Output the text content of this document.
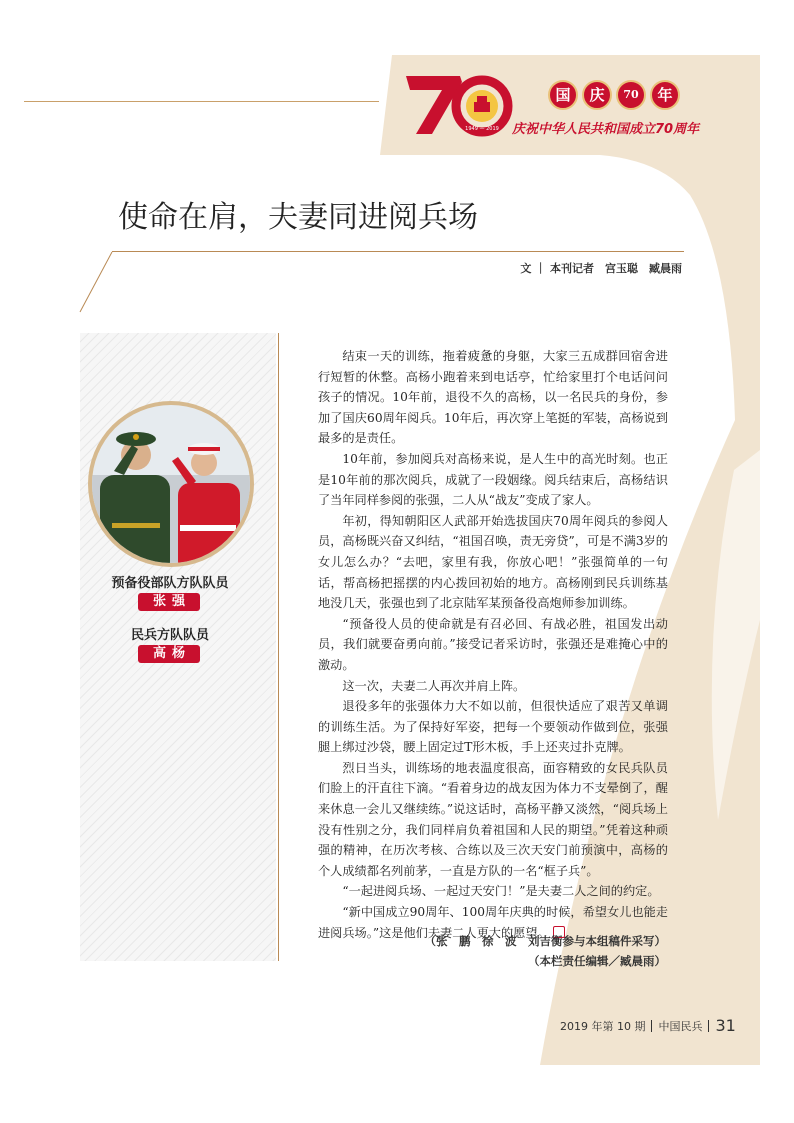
1949 — 2019
国	庆	70	年
庆祝中华人民共和国成立70周年
使命在肩，夫妻同进阅兵场
文 ｜ 本刊记者　宫玉聪　臧晨雨
预备役部队方队队员
张强
民兵方队队员
高杨

结束一天的训练，拖着疲惫的身躯，大家三五成群回宿舍进行短暂的休整。高杨小跑着来到电话亭，忙给家里打个电话问问孩子的情况。10年前，退役不久的高杨，以一名民兵的身份，参加了国庆60周年阅兵。10年后，再次穿上笔挺的军装，高杨说到最多的是责任。

10年前，参加阅兵对高杨来说，是人生中的高光时刻。也正是10年前的那次阅兵，成就了一段姻缘。阅兵结束后，高杨结识了当年同样参阅的张强，二人从“战友”变成了家人。

年初，得知朝阳区人武部开始选拔国庆70周年阅兵的参阅人员，高杨既兴奋又纠结，“祖国召唤，责无旁贷”，可是不满3岁的女儿怎么办？“去吧，家里有我，你放心吧！”张强简单的一句话，帮高杨把摇摆的内心拨回初始的地方。高杨刚到民兵训练基地没几天，张强也到了北京陆军某预备役高炮师参加训练。

“预备役人员的使命就是有召必回、有战必胜，祖国发出动员，我们就要奋勇向前。”接受记者采访时，张强还是难掩心中的激动。

这一次，夫妻二人再次并肩上阵。

退役多年的张强体力大不如以前，但很快适应了艰苦又单调的训练生活。为了保持好军姿，把每一个要领动作做到位，张强腿上绑过沙袋，腰上固定过T形木板，手上还夹过扑克牌。

烈日当头，训练场的地表温度很高，面容精致的女民兵队员们脸上的汗直往下滴。“看着身边的战友因为体力不支晕倒了，醒来休息一会儿又继续练。”说这话时，高杨平静又淡然，“阅兵场上没有性别之分，我们同样肩负着祖国和人民的期望。”凭着这种顽强的精神，在历次考核、合练以及三次天安门前预演中，高杨的个人成绩都名列前茅，一直是方队的一名“框子兵”。

“一起进阅兵场、一起过天安门！”是夫妻二人之间的约定。

“新中国成立90周年、100周年庆典的时候，希望女儿也能走进阅兵场。”这是他们夫妻二人更大的愿望。

（张　鹏　徐　波　刘吉衡参与本组稿件采写）
（本栏责任编辑／臧晨雨）
2019 年第 10 期 中国民兵 31
